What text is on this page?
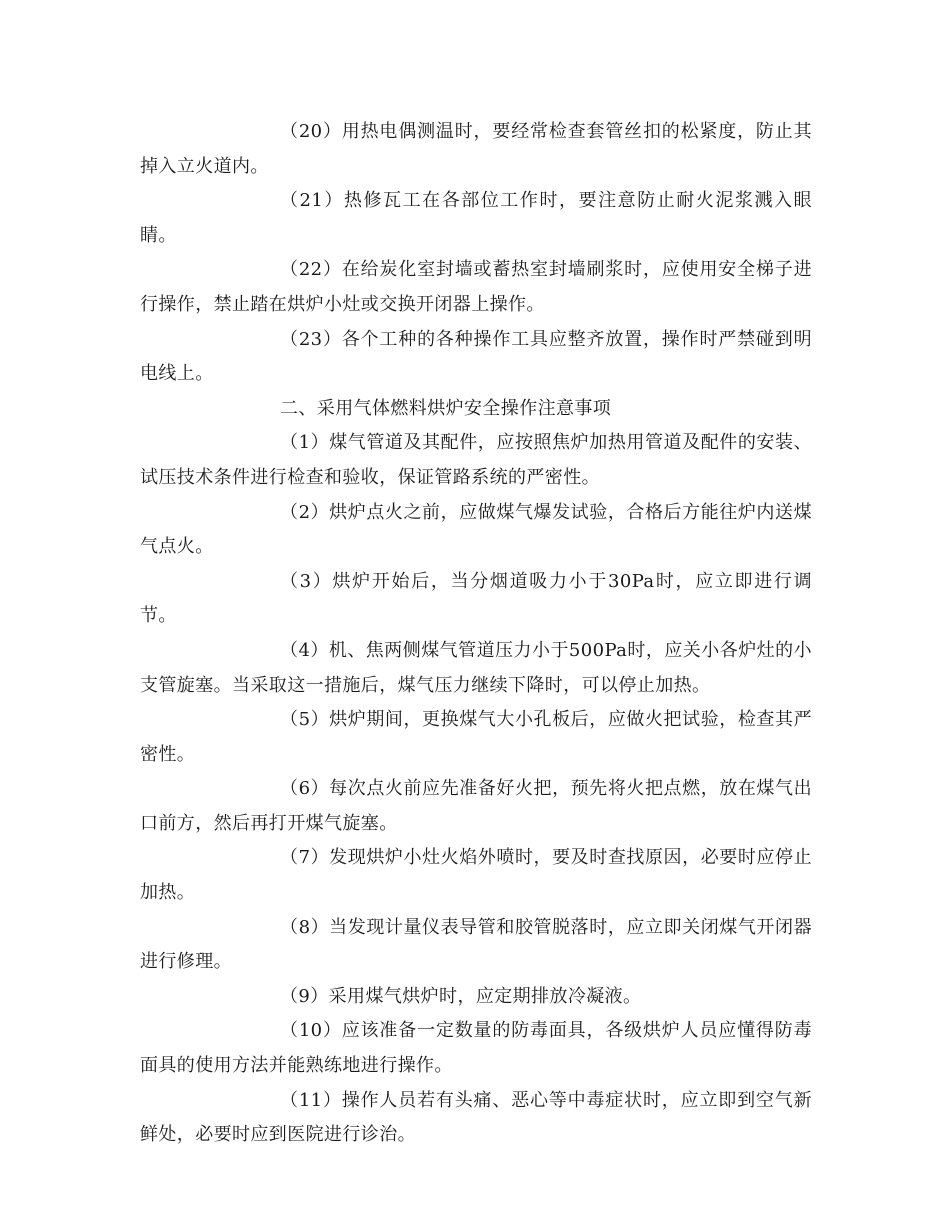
（20）用热电偶测温时，要经常检查套管丝扣的松紧度，防止其掉入立火道内。

（21）热修瓦工在各部位工作时，要注意防止耐火泥浆溅入眼睛。

（22）在给炭化室封墙或蓄热室封墙刷浆时，应使用安全梯子进行操作，禁止踏在烘炉小灶或交换开闭器上操作。

（23）各个工种的各种操作工具应整齐放置，操作时严禁碰到明电线上。

二、采用气体燃料烘炉安全操作注意事项

（1）煤气管道及其配件，应按照焦炉加热用管道及配件的安装、试压技术条件进行检查和验收，保证管路系统的严密性。

（2）烘炉点火之前，应做煤气爆发试验，合格后方能往炉内送煤气点火。

（3）烘炉开始后，当分烟道吸力小于30Pa时，应立即进行调节。

（4）机、焦两侧煤气管道压力小于500Pa时，应关小各炉灶的小支管旋塞。当采取这一措施后，煤气压力继续下降时，可以停止加热。

（5）烘炉期间，更换煤气大小孔板后，应做火把试验，检查其严密性。

（6）每次点火前应先准备好火把，预先将火把点燃，放在煤气出口前方，然后再打开煤气旋塞。

（7）发现烘炉小灶火焰外喷时，要及时查找原因，必要时应停止加热。

（8）当发现计量仪表导管和胶管脱落时，应立即关闭煤气开闭器进行修理。

（9）采用煤气烘炉时，应定期排放冷凝液。

（10）应该准备一定数量的防毒面具，各级烘炉人员应懂得防毒面具的使用方法并能熟练地进行操作。

（11）操作人员若有头痛、恶心等中毒症状时，应立即到空气新鲜处，必要时应到医院进行诊治。
